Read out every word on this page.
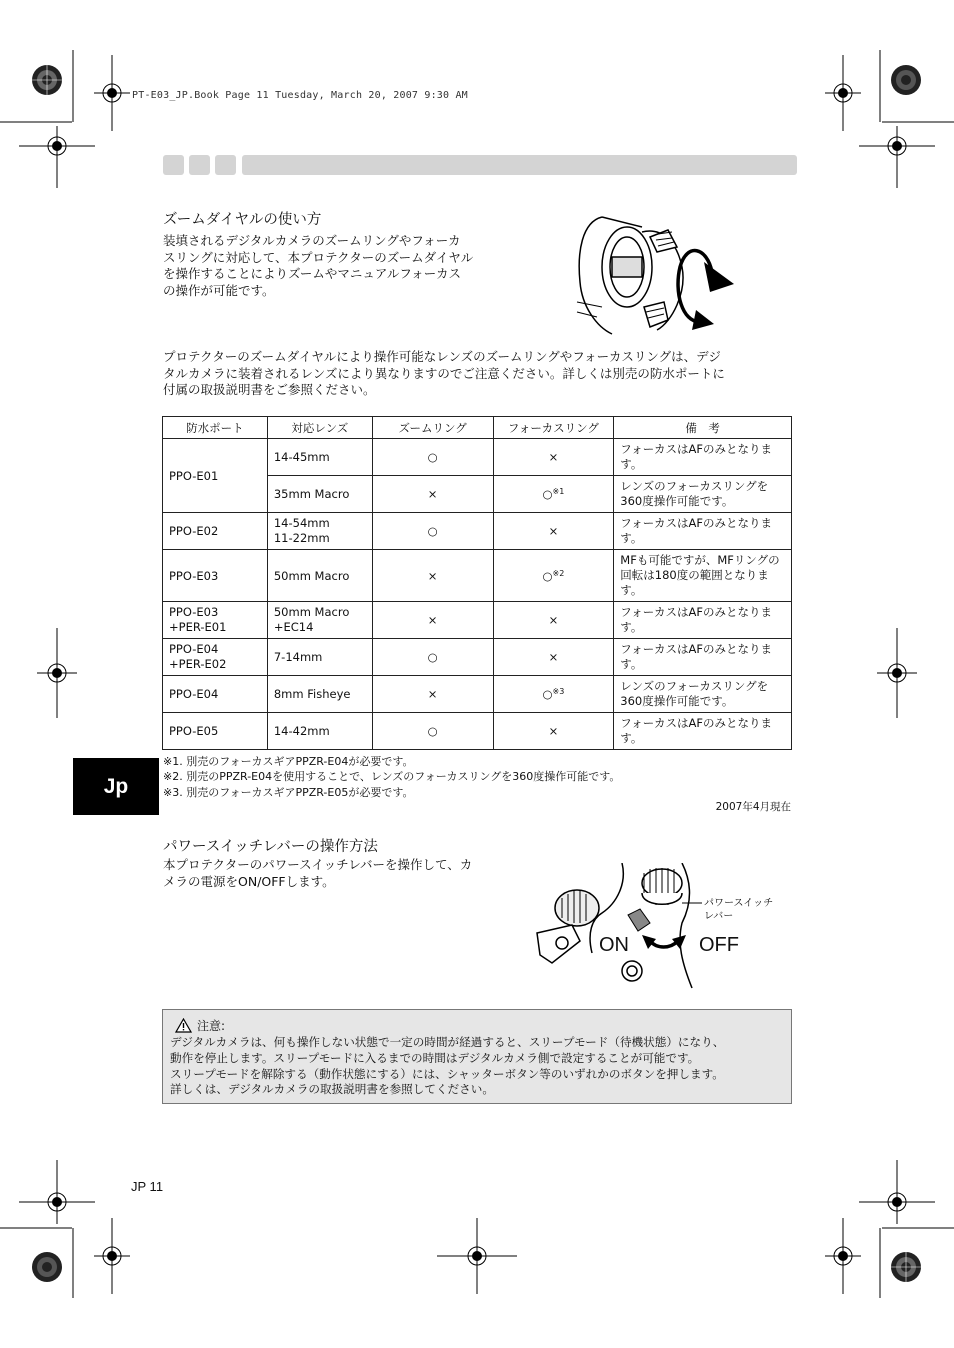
PT-E03_JP.Book Page 11 Tuesday, March 20, 2007 9:30 AM
ズームダイヤルの使い方
装填されるデジタルカメラのズームリングやフォーカ
スリングに対応して、本プロテクターのズームダイヤル
を操作することによりズームやマニュアルフォーカス
の操作が可能です。
プロテクターのズームダイヤルにより操作可能なレンズのズームリングやフォーカスリングは、デジ
タルカメラに装着されるレンズにより異なりますのでご注意ください。詳しくは別売の防水ポートに
付属の取扱説明書をご参照ください。
防水ポート	対応レンズ	ズームリング	フォーカスリング	備　考
PPO-E01	14-45mm	○	×	フォーカスはAFのみとなります。
	35mm Macro	×	○$^{※1}$	レンズのフォーカスリングを360度操作可能です。
PPO-E02	14-54mm
11-22mm	○	×	フォーカスはAFのみとなります。
PPO-E03	50mm Macro	×	○$^{※2}$	MFも可能ですが、MFリングの回転は180度の範囲となります。
PPO-E03
+PER-E01	50mm Macro
+EC14	×	×	フォーカスはAFのみとなります。
PPO-E04
+PER-E02	7-14mm	○	×	フォーカスはAFのみとなります。
PPO-E04	8mm Fisheye	×	○$^{※3}$	レンズのフォーカスリングを360度操作可能です。
PPO-E05	14-42mm	○	×	フォーカスはAFのみとなります。
※1. 別売のフォーカスギアPPZR-E04が必要です。
※2. 別売のPPZR-E04を使用することで、レンズのフォーカスリングを360度操作可能です。
※3. 別売のフォーカスギアPPZR-E05が必要です。
2007年4月現在
Jp
パワースイッチレバーの操作方法
本プロテクターのパワースイッチレバーを操作して、カ
メラの電源をON/OFFします。
ON	OFF
パワースイッチ
レバー
注意:
デジタルカメラは、何も操作しない状態で一定の時間が経過すると、スリープモード（待機状態）になり、
動作を停止します。スリープモードに入るまでの時間はデジタルカメラ側で設定することが可能です。
スリープモードを解除する（動作状態にする）には、シャッターボタン等のいずれかのボタンを押します。
詳しくは、デジタルカメラの取扱説明書を参照してください。
JP 11
